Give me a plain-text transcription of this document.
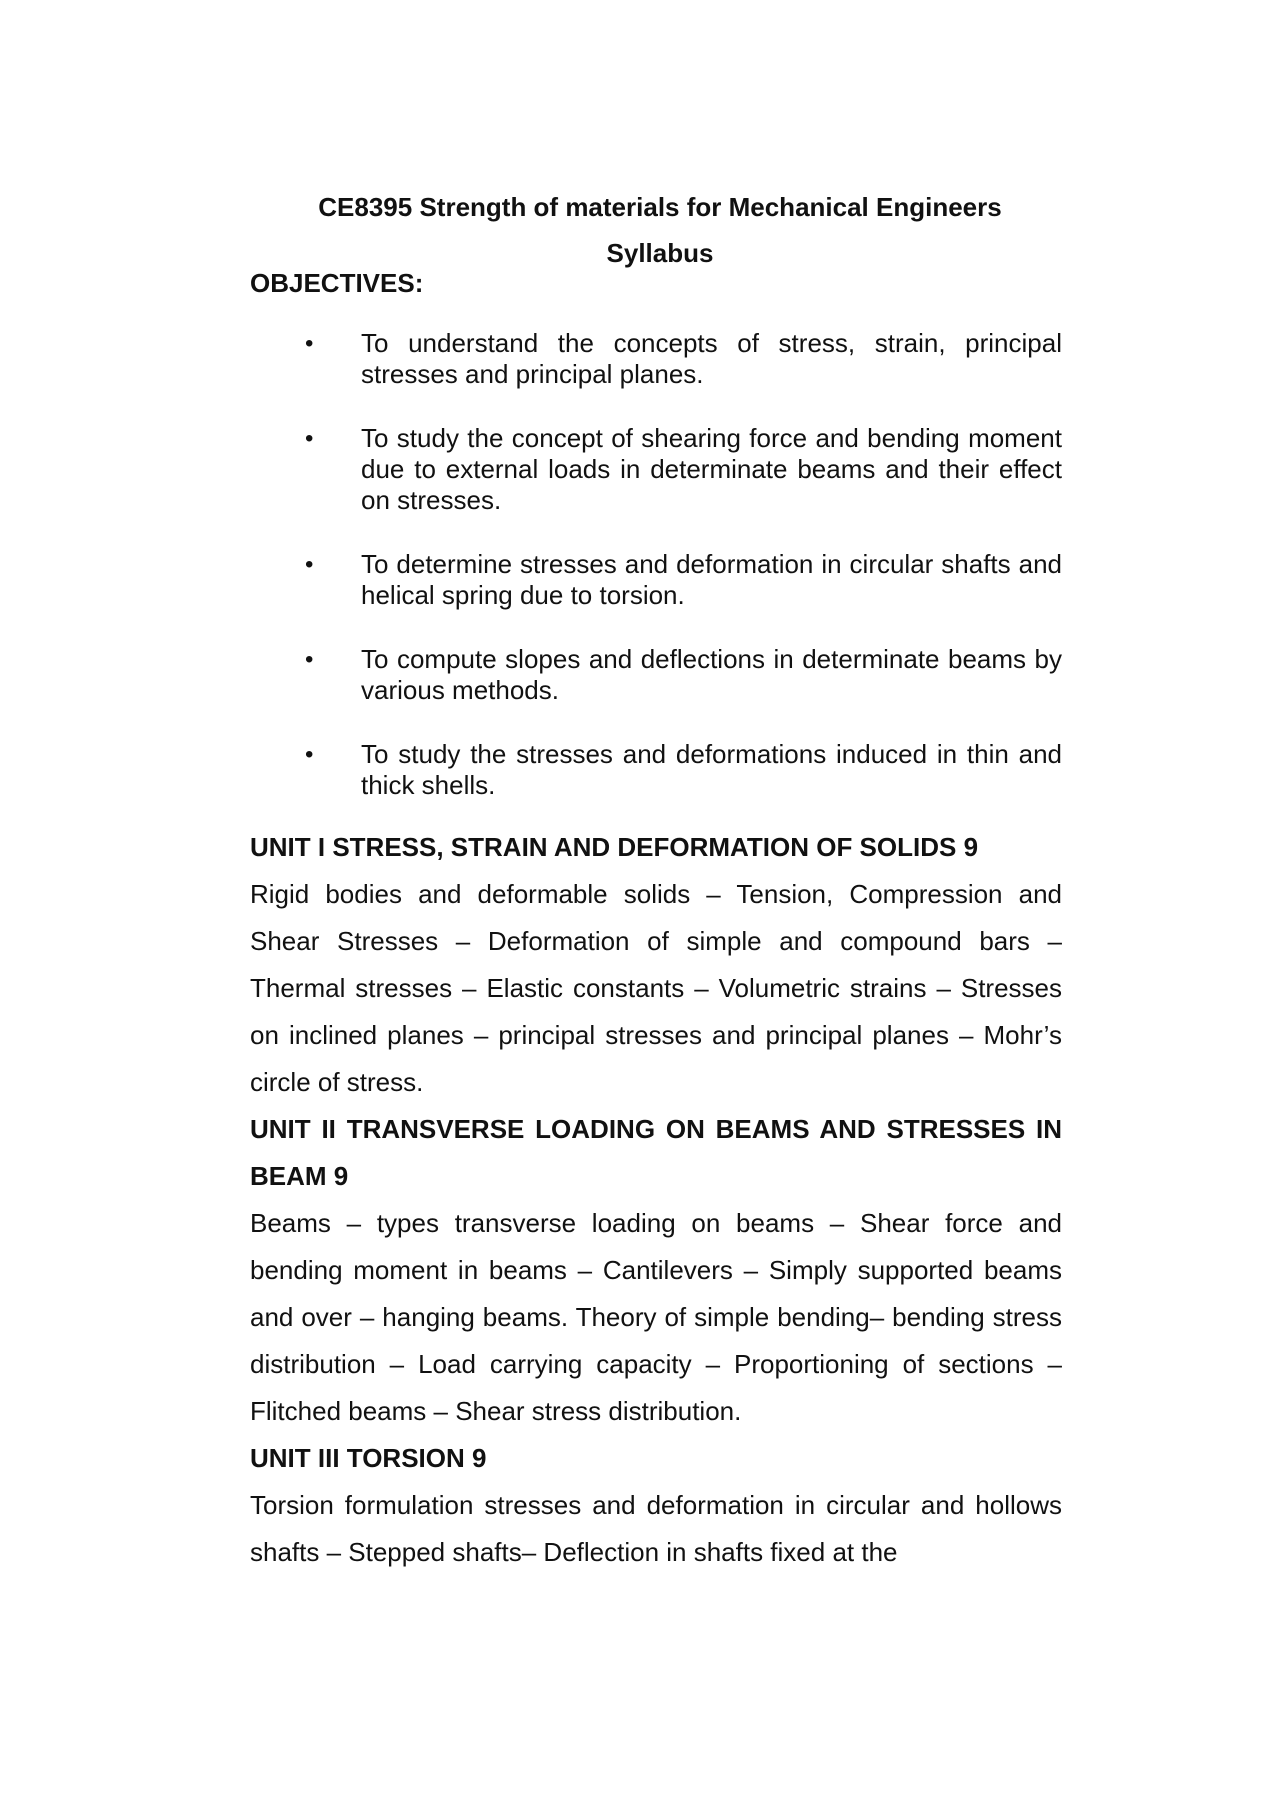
CE8395 Strength of materials for Mechanical Engineers
Syllabus
OBJECTIVES:
• To understand the concepts of stress, strain, principal stresses and principal planes.
• To study the concept of shearing force and bending moment due to external loads in determinate beams and their effect on stresses.
• To determine stresses and deformation in circular shafts and helical spring due to torsion.
• To compute slopes and deflections in determinate beams by various methods.
• To study the stresses and deformations induced in thin and thick shells.
UNIT I STRESS, STRAIN AND DEFORMATION OF SOLIDS 9

Rigid bodies and deformable solids – Tension, Compression and Shear Stresses – Deformation of simple and compound bars – Thermal stresses – Elastic constants – Volumetric strains – Stresses on inclined planes – principal stresses and principal planes – Mohr’s circle of stress.

UNIT II TRANSVERSE LOADING ON BEAMS AND STRESSES IN BEAM 9

Beams – types transverse loading on beams – Shear force and bending moment in beams – Cantilevers – Simply supported beams and over – hanging beams. Theory of simple bending– bending stress distribution – Load carrying capacity – Proportioning of sections – Flitched beams – Shear stress distribution.

UNIT III TORSION 9

Torsion formulation stresses and deformation in circular and hollows shafts – Stepped shafts– Deflection in shafts fixed at the
